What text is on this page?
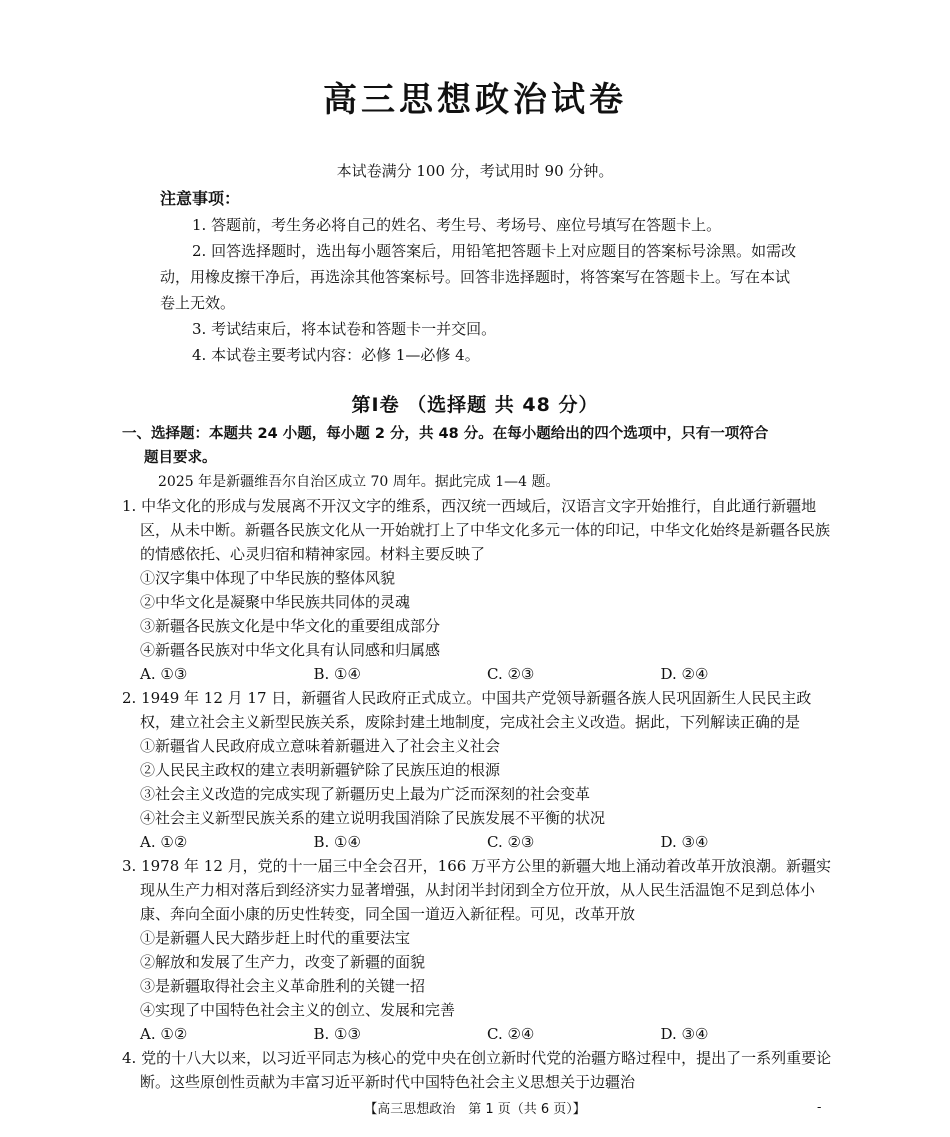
高三思想政治试卷
本试卷满分 100 分，考试用时 90 分钟。
注意事项：

1. 答题前，考生务必将自己的姓名、考生号、考场号、座位号填写在答题卡上。

2. 回答选择题时，选出每小题答案后，用铅笔把答题卡上对应题目的答案标号涂黑。如需改动，用橡皮擦干净后，再选涂其他答案标号。回答非选择题时，将答案写在答题卡上。写在本试卷上无效。

3. 考试结束后，将本试卷和答题卡一并交回。

4. 本试卷主要考试内容：必修 1—必修 4。

第Ⅰ卷 （选择题 共 48 分）
一、选择题：本题共 24 小题，每小题 2 分，共 48 分。在每小题给出的四个选项中，只有一项符合
题目要求。
2025 年是新疆维吾尔自治区成立 70 周年。据此完成 1—4 题。

1. 中华文化的形成与发展离不开汉文字的维系，西汉统一西域后，汉语言文字开始推行，自此通行新疆地区，从未中断。新疆各民族文化从一开始就打上了中华文化多元一体的印记，中华文化始终是新疆各民族的情感依托、心灵归宿和精神家园。材料主要反映了

①汉字集中体现了中华民族的整体风貌

②中华文化是凝聚中华民族共同体的灵魂

③新疆各民族文化是中华文化的重要组成部分

④新疆各民族对中华文化具有认同感和归属感

A. ①③	B. ①④	C. ②③	D. ②④

2. 1949 年 12 月 17 日，新疆省人民政府正式成立。中国共产党领导新疆各族人民巩固新生人民民主政权，建立社会主义新型民族关系，废除封建土地制度，完成社会主义改造。据此，下列解读正确的是

①新疆省人民政府成立意味着新疆进入了社会主义社会

②人民民主政权的建立表明新疆铲除了民族压迫的根源

③社会主义改造的完成实现了新疆历史上最为广泛而深刻的社会变革

④社会主义新型民族关系的建立说明我国消除了民族发展不平衡的状况

A. ①②	B. ①④	C. ②③	D. ③④

3. 1978 年 12 月，党的十一届三中全会召开，166 万平方公里的新疆大地上涌动着改革开放浪潮。新疆实现从生产力相对落后到经济实力显著增强，从封闭半封闭到全方位开放，从人民生活温饱不足到总体小康、奔向全面小康的历史性转变，同全国一道迈入新征程。可见，改革开放

①是新疆人民大踏步赶上时代的重要法宝

②解放和发展了生产力，改变了新疆的面貌

③是新疆取得社会主义革命胜利的关键一招

④实现了中国特色社会主义的创立、发展和完善

A. ①②	B. ①③	C. ②④	D. ③④

4. 党的十八大以来，以习近平同志为核心的党中央在创立新时代党的治疆方略过程中，提出了一系列重要论断。这些原创性贡献为丰富习近平新时代中国特色社会主义思想关于边疆治

【高三思想政治　第 1 页（共 6 页）】	-
